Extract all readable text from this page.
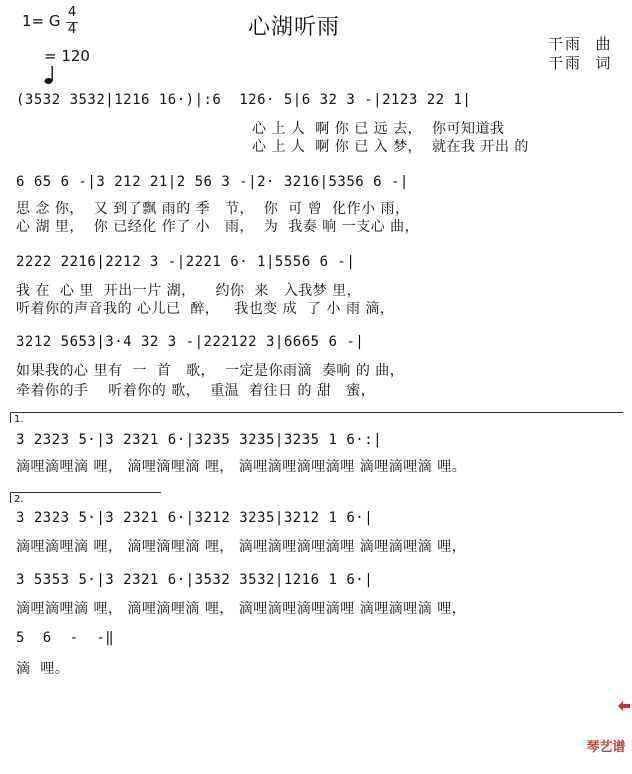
1= G 4
4

= 120
心湖听雨
干雨  曲
干雨  词
(3532 3532|1216 16·)|:6  126· 5|6 32 3 -|2123 22 1|
心 上 人  啊 你 已 远 去，  你可知道我
心 上 人  啊 你 已 入 梦，  就在我 开出 的
6 65 6 -|3 212 21|2 56 3 -|2· 3216|5356 6 -|
思 念 你，  又 到了飘 雨的 季   节，  你  可 曾  化作小 雨，
心 湖 里，  你 已经化 作了 小   雨，  为  我奏 响 一支心 曲，
2222 2216|2212 3 -|2221 6· 1|5556 6 -|
我 在  心 里  开出一片 湖，    约你  来   入我梦 里，
听着你的声音我的 心儿已  醉，   我也变 成  了 小 雨 滴，
3212 5653|3·4 32 3 -|222122 3|6665 6 -|
如果我的心 里有  一  首   歌，  一定是你雨滴  奏响 的 曲，
牵着你的手    听着你的 歌，  重温  着往日 的 甜   蜜，
1.
3 2323 5·|3 2321 6·|3235 3235|3235 1 6·:|
滴哩滴哩滴 哩， 滴哩滴哩滴 哩， 滴哩滴哩滴哩滴哩 滴哩滴哩滴 哩。
2.
3 2323 5·|3 2321 6·|3212 3235|3212 1 6·|
滴哩滴哩滴 哩， 滴哩滴哩滴 哩， 滴哩滴哩滴哩滴哩 滴哩滴哩滴 哩，
3 5353 5·|3 2321 6·|3532 3532|1216 1 6·|
滴哩滴哩滴 哩， 滴哩滴哩滴 哩， 滴哩滴哩滴哩滴哩 滴哩滴哩滴 哩，
5  6  -  -‖
滴  哩。

琴艺谱
